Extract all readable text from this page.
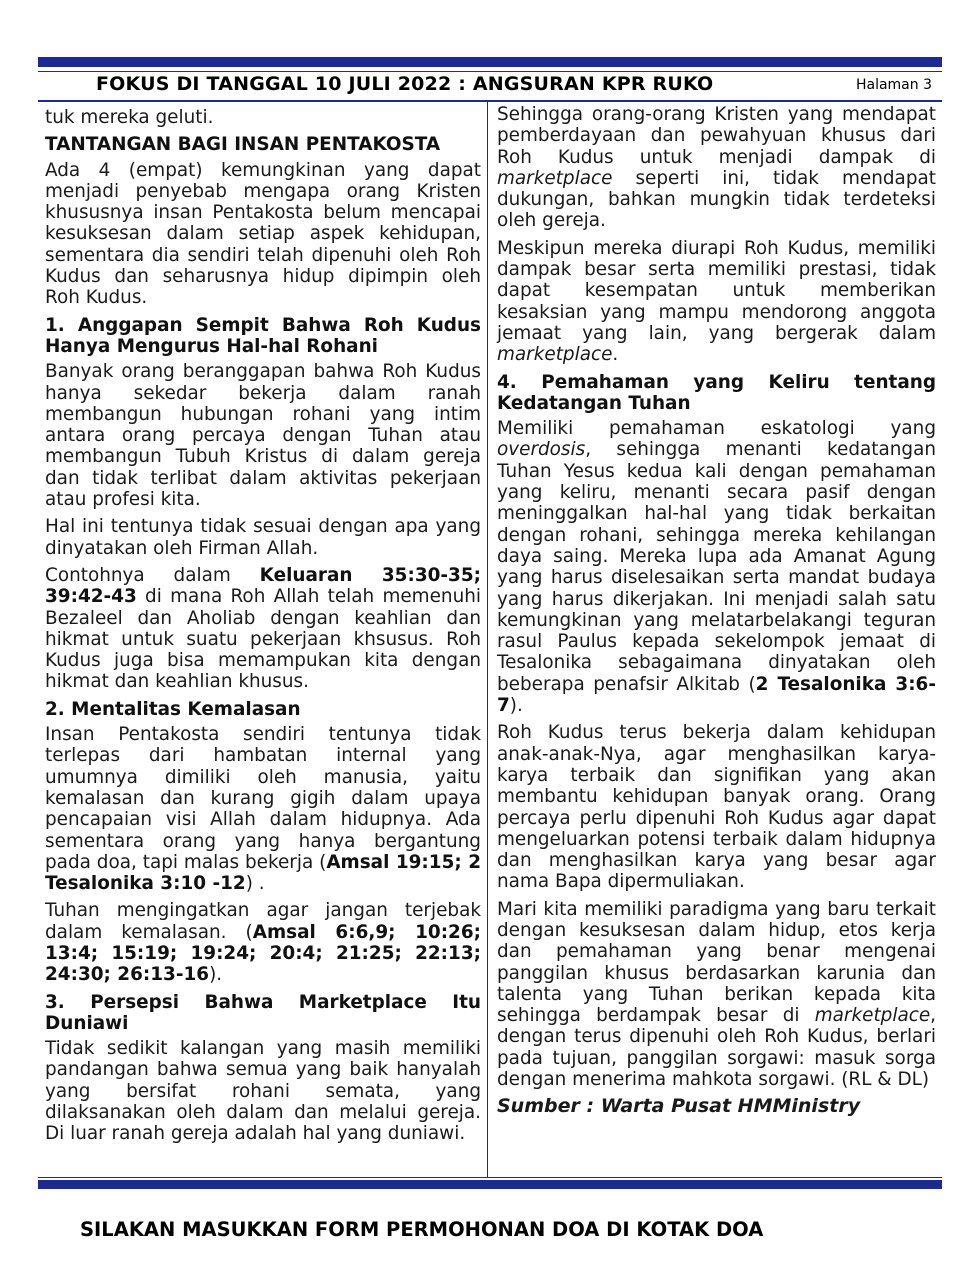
FOKUS DI TANGGAL 10 JULI 2022 : ANGSURAN KPR RUKO	Halaman 3

tuk mereka geluti.

TANTANGAN BAGI INSAN PENTAKOSTA

Ada 4 (empat) kemungkinan yang dapat menjadi penyebab mengapa orang Kristen khususnya insan Pentakosta belum mencapai kesuksesan dalam setiap aspek kehidupan, sementara dia sendiri telah dipenuhi oleh Roh Kudus dan seharusnya hidup dipimpin oleh Roh Kudus.

1. Anggapan Sempit Bahwa Roh Kudus Hanya Mengurus Hal-hal Rohani

Banyak orang beranggapan bahwa Roh Kudus hanya sekedar bekerja dalam ranah membangun hubungan rohani yang intim antara orang percaya dengan Tuhan atau membangun Tubuh Kristus di dalam gereja dan tidak terlibat dalam aktivitas pekerjaan atau profesi kita.

Hal ini tentunya tidak sesuai dengan apa yang dinyatakan oleh Firman Allah.

Contohnya dalam Keluaran 35:30-35; 39:42-43 di mana Roh Allah telah memenuhi Bezaleel dan Aholiab dengan keahlian dan hikmat untuk suatu pekerjaan khsusus. Roh Kudus juga bisa memampukan kita dengan hikmat dan keahlian khusus.

2. Mentalitas Kemalasan

Insan Pentakosta sendiri tentunya tidak terlepas dari hambatan internal yang umumnya dimiliki oleh manusia, yaitu kemalasan dan kurang gigih dalam upaya pencapaian visi Allah dalam hidupnya. Ada sementara orang yang hanya bergantung pada doa, tapi malas bekerja (Amsal 19:15; 2 Tesalonika 3:10 -12) .

Tuhan mengingatkan agar jangan terjebak dalam kemalasan. (Amsal 6:6,9; 10:26; 13:4; 15:19; 19:24; 20:4; 21:25; 22:13; 24:30; 26:13-16).

3. Persepsi Bahwa Marketplace Itu Duniawi

Tidak sedikit kalangan yang masih memiliki pandangan bahwa semua yang baik hanyalah yang bersifat rohani semata, yang dilaksanakan oleh dalam dan melalui gereja. Di luar ranah gereja adalah hal yang duniawi.

Sehingga orang-orang Kristen yang mendapat pemberdayaan dan pewahyuan khusus dari Roh Kudus untuk menjadi dampak di marketplace seperti ini, tidak mendapat dukungan, bahkan mungkin tidak terdeteksi oleh gereja.

Meskipun mereka diurapi Roh Kudus, memiliki dampak besar serta memiliki prestasi, tidak dapat kesempatan untuk memberikan kesaksian yang mampu mendorong anggota jemaat yang lain, yang bergerak dalam marketplace.

4. Pemahaman yang Keliru tentang Kedatangan Tuhan

Memiliki pemahaman eskatologi yang overdosis, sehingga menanti kedatangan Tuhan Yesus kedua kali dengan pemahaman yang keliru, menanti secara pasif dengan meninggalkan hal-hal yang tidak berkaitan dengan rohani, sehingga mereka kehilangan daya saing. Mereka lupa ada Amanat Agung yang harus diselesaikan serta mandat budaya yang harus dikerjakan. Ini menjadi salah satu kemungkinan yang melatarbelakangi teguran rasul Paulus kepada sekelompok jemaat di Tesalonika sebagaimana dinyatakan oleh beberapa penafsir Alkitab (2 Tesalonika 3:6-7).

Roh Kudus terus bekerja dalam kehidupan anak-anak-Nya, agar menghasilkan karya-karya terbaik dan signifikan yang akan membantu kehidupan banyak orang. Orang percaya perlu dipenuhi Roh Kudus agar dapat mengeluarkan potensi terbaik dalam hidupnya dan menghasilkan karya yang besar agar nama Bapa dipermuliakan.

Mari kita memiliki paradigma yang baru terkait dengan kesuksesan dalam hidup, etos kerja dan pemahaman yang benar mengenai panggilan khusus berdasarkan karunia dan talenta yang Tuhan berikan kepada kita sehingga berdampak besar di marketplace, dengan terus dipenuhi oleh Roh Kudus, berlari pada tujuan, panggilan sorgawi: masuk sorga dengan menerima mahkota sorgawi. (RL & DL)

Sumber : Warta Pusat HMMinistry
SILAKAN MASUKKAN FORM PERMOHONAN DOA DI KOTAK DOA
